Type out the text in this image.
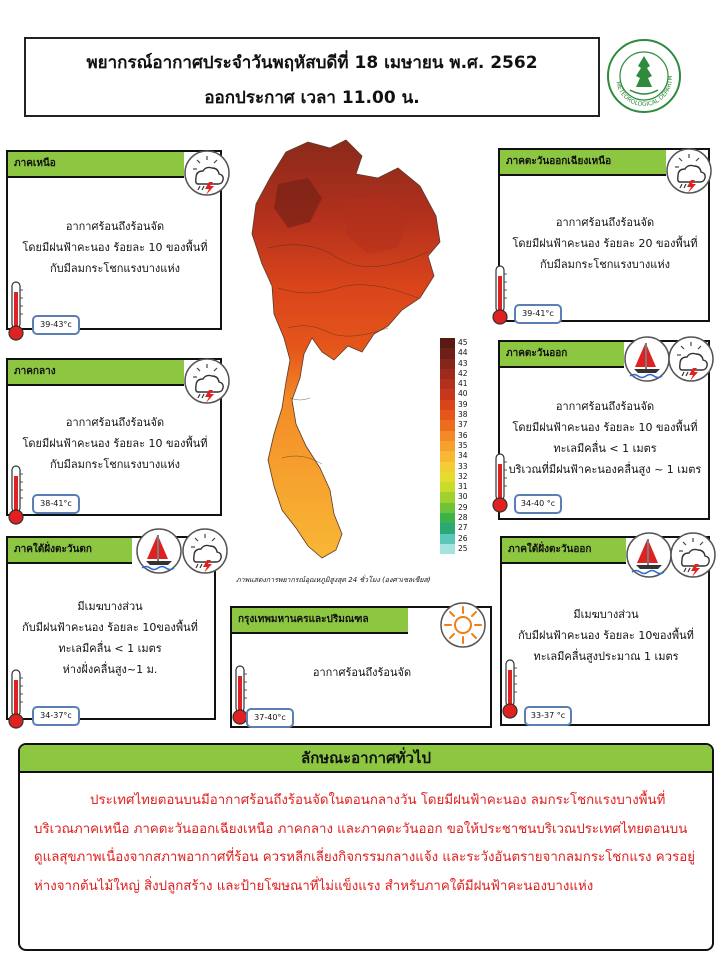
พยากรณ์อากาศประจำวันพฤหัสบดีที่ 18 เมษายน พ.ศ. 2562
ออกประกาศ เวลา 11.00 น.
METEOROLOGICAL DEPARTM
ภาคเหนือ
อากาศร้อนถึงร้อนจัด
โดยมีฝนฟ้าคะนอง ร้อยละ 10 ของพื้นที่
กับมีลมกระโชกแรงบางแห่ง
39-43°c
ภาคกลาง
อากาศร้อนถึงร้อนจัด
โดยมีฝนฟ้าคะนอง ร้อยละ 10 ของพื้นที่
กับมีลมกระโชกแรงบางแห่ง
38-41°c
ภาคใต้ฝั่งตะวันตก
มีเมฆบางส่วน
กับมีฝนฟ้าคะนอง ร้อยละ 10ของพื้นที่
ทะเลมีคลื่น < 1 เมตร
ห่างฝั่งคลื่นสูง~1 ม.
34-37°c
ภาคตะวันออกเฉียงเหนือ
อากาศร้อนถึงร้อนจัด
โดยมีฝนฟ้าคะนอง ร้อยละ 20 ของพื้นที่
กับมีลมกระโชกแรงบางแห่ง
39-41°c
ภาคตะวันออก
อากาศร้อนถึงร้อนจัด
โดยมีฝนฟ้าคะนอง ร้อยละ 10 ของพื้นที่
ทะเลมีคลื่น < 1 เมตร
บริเวณที่มีฝนฟ้าคะนองคลื่นสูง ~ 1 เมตร
34-40 °c
ภาคใต้ฝั่งตะวันออก
มีเมฆบางส่วน
กับมีฝนฟ้าคะนอง ร้อยละ 10ของพื้นที่
ทะเลมีคลื่นสูงประมาณ 1 เมตร
33-37 °c
กรุงเทพมหานครและปริมณฑล
อากาศร้อนถึงร้อนจัด
37-40°c
45
44
43
42
41
40
39
38
37
36
35
34
33
32
31
30
29
28
27
26
25
ภาพแสดงการพยากรณ์อุณหภูมิสูงสุด 24 ชั่วโมง (องศาเซลเซียส)
ลักษณะอากาศทั่วไป
ประเทศไทยตอนบนมีอากาศร้อนถึงร้อนจัดในตอนกลางวัน โดยมีฝนฟ้าคะนอง ลมกระโชกแรงบางพื้นที่ บริเวณภาคเหนือ ภาคตะวันออกเฉียงเหนือ ภาคกลาง และภาคตะวันออก ขอให้ประชาชนบริเวณประเทศไทยตอนบนดูแลสุขภาพเนื่องจากสภาพอากาศที่ร้อน ควรหลีกเลี่ยงกิจกรรมกลางแจ้ง และระวังอันตรายจากลมกระโชกแรง ควรอยู่ห่างจากต้นไม้ใหญ่ สิ่งปลูกสร้าง และป้ายโฆษณาที่ไม่แข็งแรง สำหรับภาคใต้มีฝนฟ้าคะนองบางแห่ง
